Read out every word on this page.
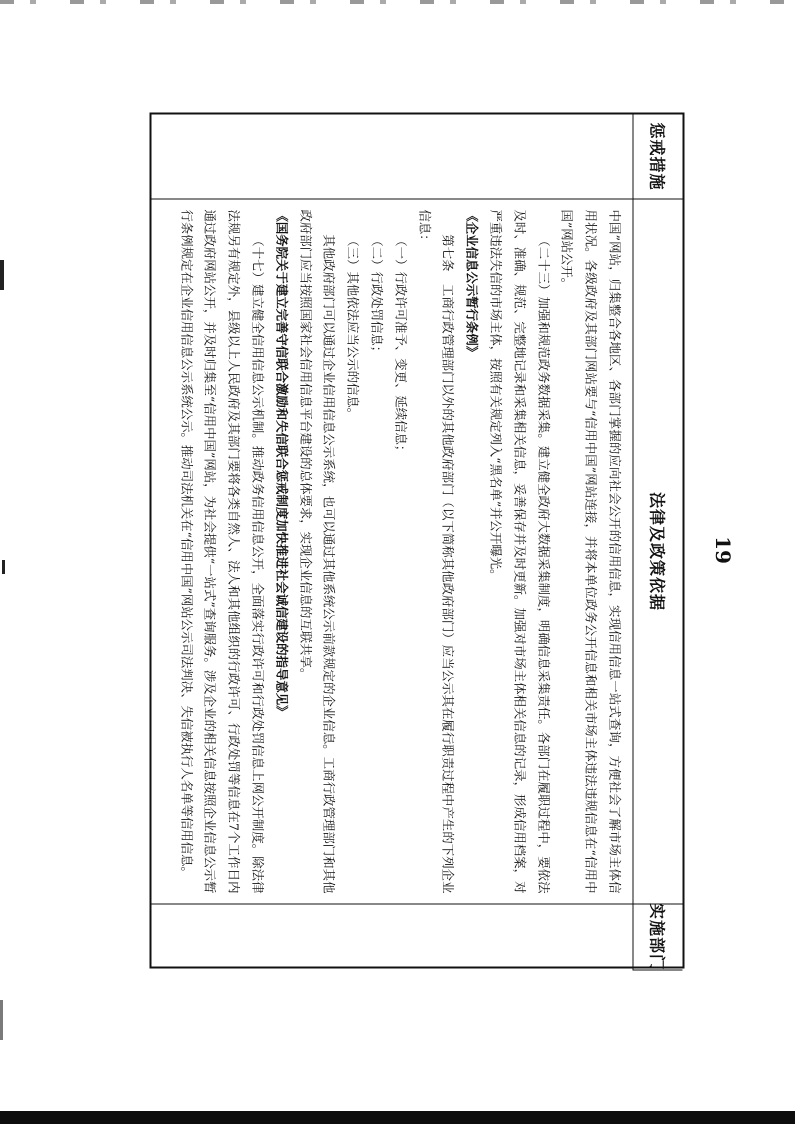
惩戒措施
法律及政策依据
实施部门

中国”网站，归集整合各地区、各部门掌握的应向社会公开的信用信息，实现信用信息一站式查询，方便社会了解市场主体信用状况。各级政府及其部门网站要与“信用中国”网站连接，并将本单位政务公开信息和相关市场主体违法违规信息在“信用中国”网站公开。

（二十三）加强和规范政务数据采集。建立健全政府大数据采集制度，明确信息采集责任。各部门在履职过程中，要依法及时、准确、规范、完整地记录和采集相关信息，妥善保存并及时更新。加强对市场主体相关信息的记录，形成信用档案，对严重违法失信的市场主体，按照有关规定列入“黑名单”并公开曝光。

《企业信息公示暂行条例》

第七条　工商行政管理部门以外的其他政府部门（以下简称其他政府部门）应当公示其在履行职责过程中产生的下列企业信息：

（一）行政许可准予、变更、延续信息；

（二）行政处罚信息；

（三）其他依法应当公示的信息。

其他政府部门可以通过企业信用信息公示系统，也可以通过其他系统公示前款规定的企业信息。工商行政管理部门和其他政府部门应当按照国家社会信用信息平台建设的总体要求，实现企业信息的互联共享。

《国务院关于建立完善守信联合激励和失信联合惩戒制度加快推进社会诚信建设的指导意见》

（十七）建立健全信用信息公示机制。推动政务信用信息公开，全面落实行政许可和行政处罚信息上网公开制度。除法律法规另有规定外，县级以上人民政府及其部门要将各类自然人、法人和其他组织的行政许可、行政处罚等信息在7个工作日内通过政府网站公开，并及时归集至“信用中国”网站，为社会提供“一站式”查询服务。涉及企业的相关信息按照企业信息公示暂行条例规定在企业信用信息公示系统公示。推动司法机关在“信用中国”网站公示司法判决、失信被执行人名单等信用信息。	19
